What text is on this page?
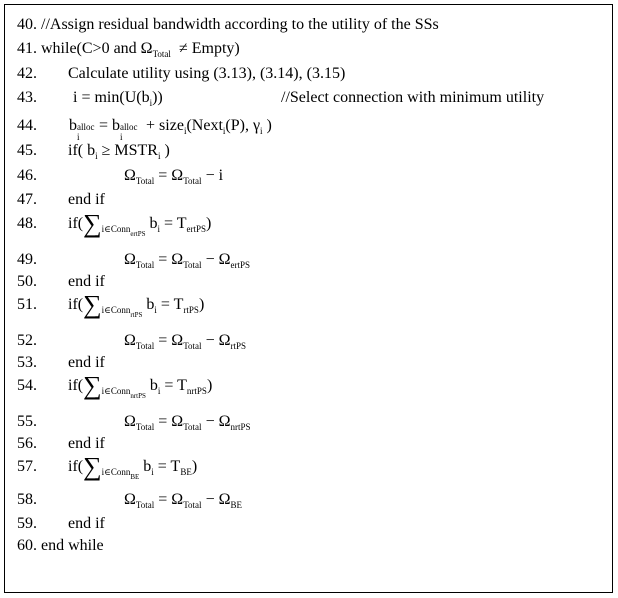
40. //Assign residual bandwidth according to the utility of the SSs
41. while(C>0 and $\Omega_{Total}$ ≠ Empty)
42. Calculate utility using (3.13), (3.14), (3.15)
43. $i = \min(U(b_i))$	//Select connection with minimum utility
44. b alloc
i
= b alloc
i
+ size$_i$(Next$_i$(P), $\gamma_i$ )
45. if( $b_i$ ≥ $MSTR_i$ )
46.	$\Omega_{Total} = \Omega_{Total} - i$
47. end if
48. $if(\sum_{i\in Conn_{ertPS}}$ $b_i = T_{ertPS}$)
49.	$\Omega_{Total} = \Omega_{Total} - \Omega_{ertPS}$
50. end if
51. $if(\sum_{i\in Conn_{rtPS}}$ $b_i = T_{rtPS}$)
52.	$\Omega_{Total} = \Omega_{Total} - \Omega_{rtPS}$
53. end if
54. $if(\sum_{i\in Conn_{nrtPS}}$ $b_i = T_{nrtPS}$)
55.	$\Omega_{Total} = \Omega_{Total} - \Omega_{nrtPS}$
56. end if
57. $if(\sum_{i\in Conn_{BE}}$ $b_i = T_{BE}$)
58.	$\Omega_{Total} = \Omega_{Total} - \Omega_{BE}$
59. end if
60. end while
